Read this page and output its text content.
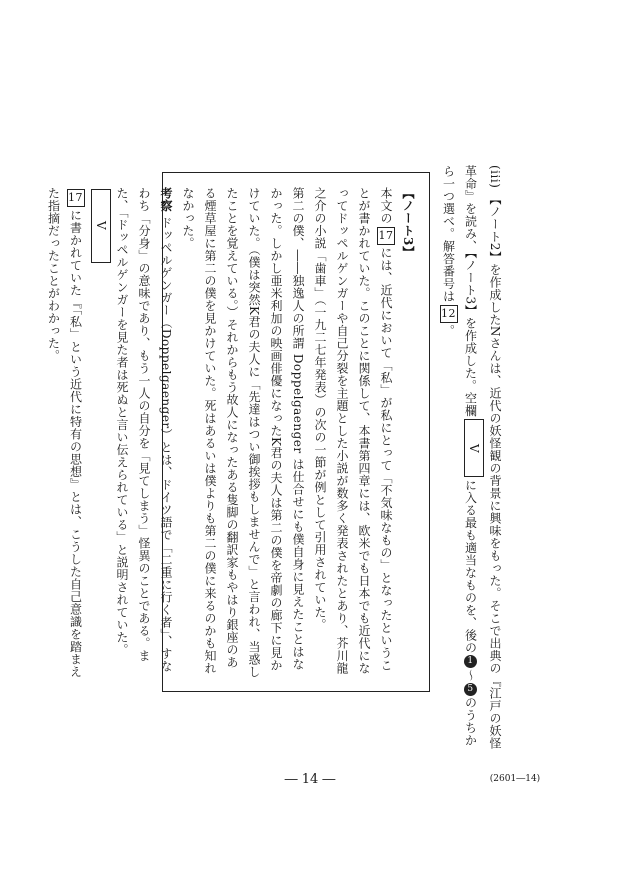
(iii) 【ノート2】を作成したNさんは、近代の妖怪観の背景に興味をもった。そこで出典の『江戸の妖怪革命』を読み、【ノート3】を作成した。空欄Vに入る最も適当なものを、後の1〜5のうちから一つ選べ。解答番号は12。
【ノート3】
本文の17には、近代において「私」が私にとって「不気味なもの」となったということが書かれていた。このことに関係して、本書第四章には、欧米でも日本でも近代になってドッペルゲンガーや自己分裂を主題とした小説が数多く発表されたとあり、芥川龍之介の小説「歯車」（一九二七年発表）の次の一節が例として引用されていた。
第二の僕、――独逸人の所謂 Doppelgaenger は仕合せにも僕自身に見えたことはなかった。しかし亜米利加の映画俳優になったK君の夫人は第二の僕を帝劇の廊下に見かけていた。（僕は突然K君の夫人に「先達はつい御挨拶もしませんで」と言われ、当惑したことを覚えている。）それからもう故人になったある隻脚の翻訳家もやはり銀座のある煙草屋に第二の僕を見かけていた。死はあるいは僕よりも第二の僕に来るのかも知れなかった。
考察 ドッペルゲンガー（Doppelgaenger）とは、ドイツ語で「二重に行く者」、すなわち「分身」の意味であり、もう一人の自分を「見てしまう」怪異のことである。また、「ドッペルゲンガーを見た者は死ぬと言い伝えられている」と説明されていた。
V
17に書かれていた『「私」という近代に特有の思想』とは、こうした自己意識を踏まえた指摘だったことがわかった。
― 14 ―	(2601―14)
